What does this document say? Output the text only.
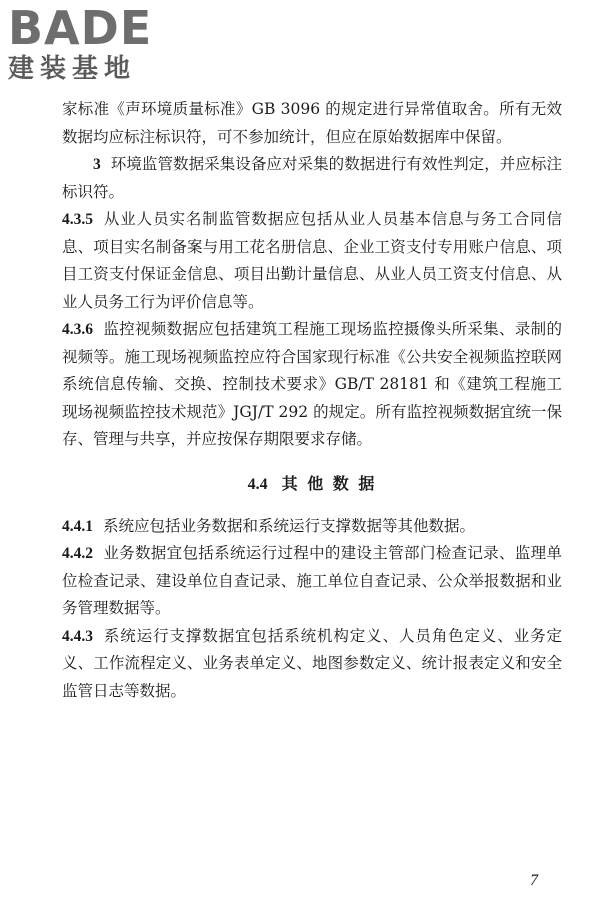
BADE
建装基地

家标准《声环境质量标准》GB 3096 的规定进行异常值取舍。所有无效数据均应标注标识符，可不参加统计，但应在原始数据库中保留。

3 环境监管数据采集设备应对采集的数据进行有效性判定，并应标注标识符。

4.3.5 从业人员实名制监管数据应包括从业人员基本信息与务工合同信息、项目实名制备案与用工花名册信息、企业工资支付专用账户信息、项目工资支付保证金信息、项目出勤计量信息、从业人员工资支付信息、从业人员务工行为评价信息等。

4.3.6 监控视频数据应包括建筑工程施工现场监控摄像头所采集、录制的视频等。施工现场视频监控应符合国家现行标准《公共安全视频监控联网系统信息传输、交换、控制技术要求》GB/T 28181 和《建筑工程施工现场视频监控技术规范》JGJ/T 292 的规定。所有监控视频数据宜统一保存、管理与共享，并应按保存期限要求存储。

4.4 其 他 数 据

4.4.1 系统应包括业务数据和系统运行支撑数据等其他数据。

4.4.2 业务数据宜包括系统运行过程中的建设主管部门检查记录、监理单位检查记录、建设单位自查记录、施工单位自查记录、公众举报数据和业务管理数据等。

4.4.3 系统运行支撑数据宜包括系统机构定义、人员角色定义、业务定义、工作流程定义、业务表单定义、地图参数定义、统计报表定义和安全监管日志等数据。

7
